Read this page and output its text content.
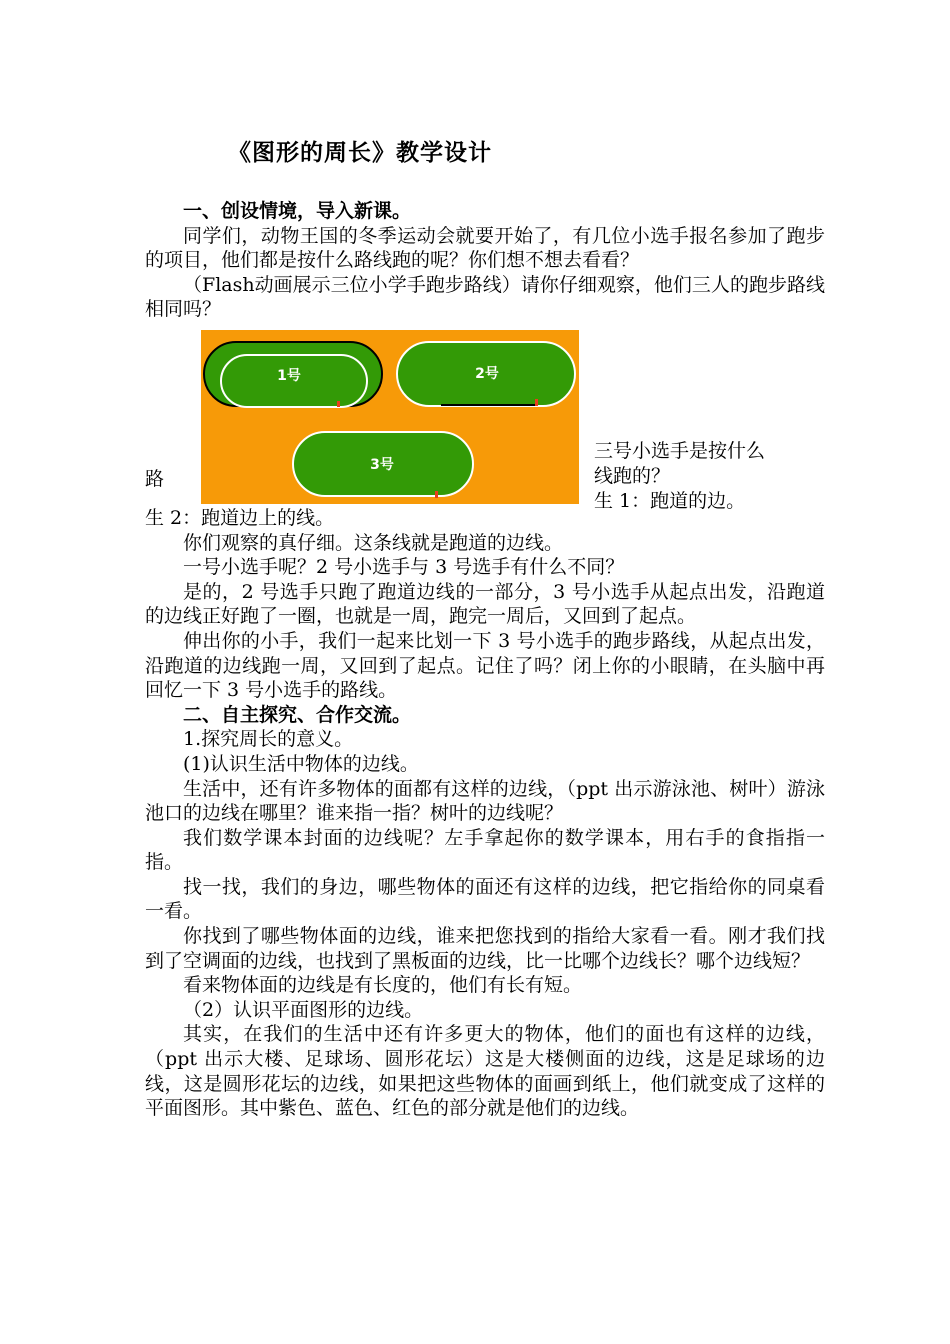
《图形的周长》教学设计

一、创设情境，导入新课。

同学们，动物王国的冬季运动会就要开始了，有几位小选手报名参加了跑步的项目，他们都是按什么路线跑的呢？你们想不想去看看？

（Flash动画展示三位小学手跑步路线）请你仔细观察，他们三人的跑步路线相同吗？

路
1号	2号
3号
三号小选手是按什么
线跑的？
生 1：跑道的边。

生 2：跑道边上的线。

你们观察的真仔细。这条线就是跑道的边线。

一号小选手呢？2 号小选手与 3 号选手有什么不同？

是的，2 号选手只跑了跑道边线的一部分，3 号小选手从起点出发，沿跑道的边线正好跑了一圈，也就是一周，跑完一周后，又回到了起点。

伸出你的小手，我们一起来比划一下 3 号小选手的跑步路线，从起点出发，沿跑道的边线跑一周，又回到了起点。记住了吗？闭上你的小眼睛，在头脑中再回忆一下 3 号小选手的路线。

二、自主探究、合作交流。

1.探究周长的意义。

(1)认识生活中物体的边线。

生活中，还有许多物体的面都有这样的边线，（ppt 出示游泳池、树叶）游泳池口的边线在哪里？谁来指一指？树叶的边线呢？

我们数学课本封面的边线呢？左手拿起你的数学课本，用右手的食指指一指。

找一找，我们的身边，哪些物体的面还有这样的边线，把它指给你的同桌看一看。

你找到了哪些物体面的边线，谁来把您找到的指给大家看一看。刚才我们找到了空调面的边线，也找到了黑板面的边线，比一比哪个边线长？哪个边线短？

看来物体面的边线是有长度的，他们有长有短。

（2）认识平面图形的边线。

其实，在我们的生活中还有许多更大的物体，他们的面也有这样的边线，（ppt 出示大楼、足球场、圆形花坛）这是大楼侧面的边线，这是足球场的边线，这是圆形花坛的边线，如果把这些物体的面画到纸上，他们就变成了这样的平面图形。其中紫色、蓝色、红色的部分就是他们的边线。
